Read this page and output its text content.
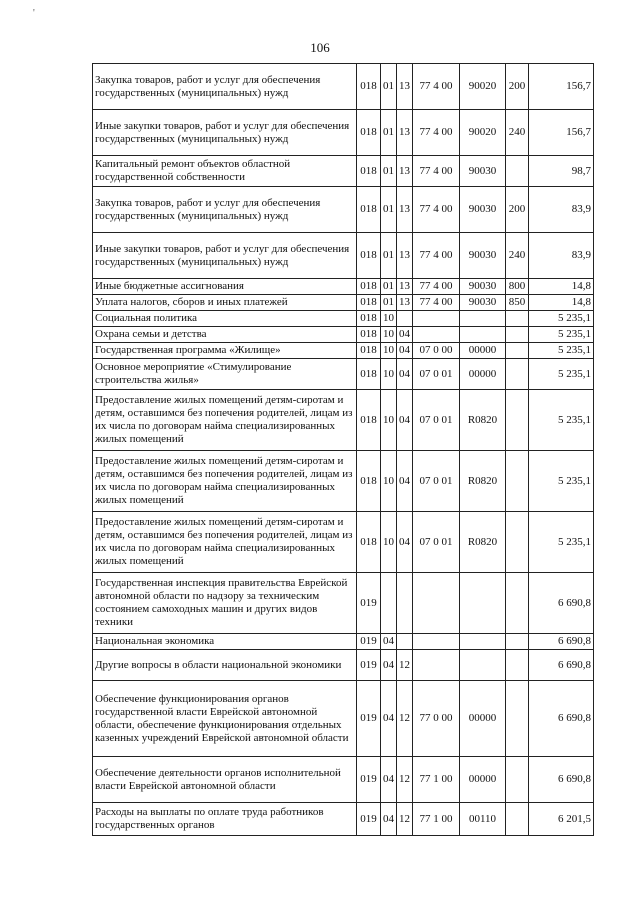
'
106
Закупка товаров, работ и услуг для обеспечения государственных (муниципальных) нужд	018	01	13	77 4 00	90020	200	156,7
Иные закупки товаров, работ и услуг для обеспечения государственных (муниципальных) нужд	018	01	13	77 4 00	90020	240	156,7
Капитальный ремонт объектов областной государственной собственности	018	01	13	77 4 00	90030		98,7
Закупка товаров, работ и услуг для обеспечения государственных (муниципальных) нужд	018	01	13	77 4 00	90030	200	83,9
Иные закупки товаров, работ и услуг для обеспечения государственных (муниципальных) нужд	018	01	13	77 4 00	90030	240	83,9
Иные бюджетные ассигнования	018	01	13	77 4 00	90030	800	14,8
Уплата налогов, сборов и иных платежей	018	01	13	77 4 00	90030	850	14,8
Социальная политика	018	10					5 235,1
Охрана семьи и детства	018	10	04				5 235,1
Государственная программа «Жилище»	018	10	04	07 0 00	00000		5 235,1
Основное мероприятие «Стимулирование строительства жилья»	018	10	04	07 0 01	00000		5 235,1
Предоставление жилых помещений детям-сиротам и детям, оставшимся без попечения родителей, лицам из их числа по договорам найма специализированных жилых помещений	018	10	04	07 0 01	R0820		5 235,1
Предоставление жилых помещений детям-сиротам и детям, оставшимся без попечения родителей, лицам из их числа по договорам найма специализированных жилых помещений	018	10	04	07 0 01	R0820		5 235,1
Предоставление жилых помещений детям-сиротам и детям, оставшимся без попечения родителей, лицам из их числа по договорам найма специализированных жилых помещений	018	10	04	07 0 01	R0820		5 235,1
Государственная инспекция правительства Еврейской автономной области по надзору за техническим состоянием самоходных машин и других видов техники	019						6 690,8
Национальная экономика	019	04					6 690,8
Другие вопросы в области национальной экономики	019	04	12				6 690,8
Обеспечение функционирования органов государственной власти Еврейской автономной области, обеспечение функционирования отдельных казенных учреждений Еврейской автономной области	019	04	12	77 0 00	00000		6 690,8
Обеспечение деятельности органов исполнительной власти Еврейской автономной области	019	04	12	77 1 00	00000		6 690,8
Расходы на выплаты по оплате труда работников государственных органов	019	04	12	77 1 00	00110		6 201,5
